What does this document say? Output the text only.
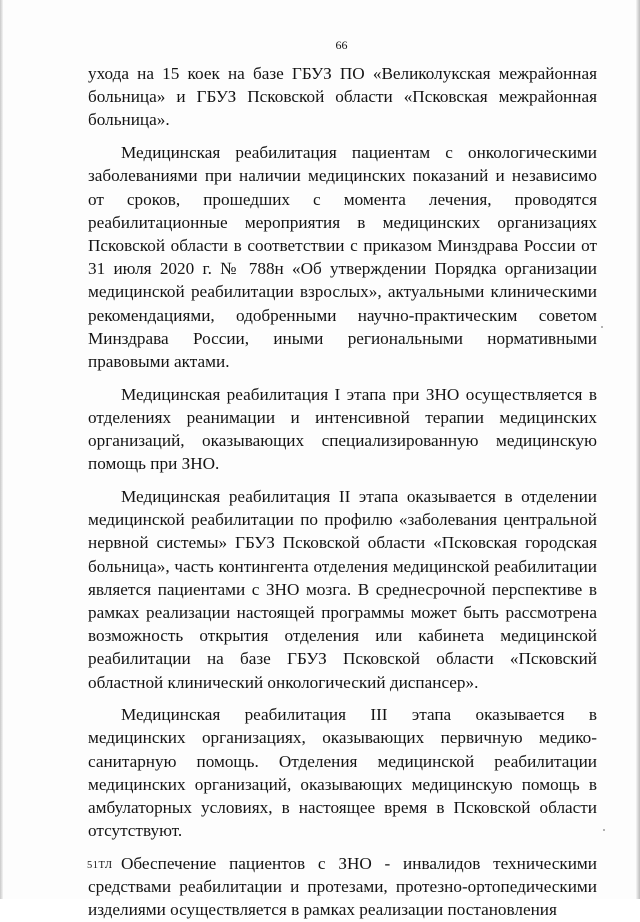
66

ухода на 15 коек на базе ГБУЗ ПО «Великолукская межрайонная больница» и ГБУЗ Псковской области «Псковская межрайонная больница».

Медицинская реабилитация пациентам с онкологическими заболеваниями при наличии медицинских показаний и независимо от сроков, прошедших с момента лечения, проводятся реабилитационные мероприятия в медицинских организациях Псковской области в соответствии с приказом Минздрава России от 31 июля 2020 г. № 788н «Об утверждении Порядка организации медицинской реабилитации взрослых», актуальными клиническими рекомендациями, одобренными научно-практическим советом Минздрава России, иными региональными нормативными правовыми актами.

Медицинская реабилитация I этапа при ЗНО осуществляется в отделениях реанимации и интенсивной терапии медицинских организаций, оказывающих специализированную медицинскую помощь при ЗНО.

Медицинская реабилитация II этапа оказывается в отделении медицинской реабилитации по профилю «заболевания центральной нервной системы» ГБУЗ Псковской области «Псковская городская больница», часть контингента отделения медицинской реабилитации является пациентами с ЗНО мозга. В среднесрочной перспективе в рамках реализации настоящей программы может быть рассмотрена возможность открытия отделения или кабинета медицинской реабилитации на базе ГБУЗ Псковской области «Псковский областной клинический онкологический диспансер».

Медицинская реабилитация III этапа оказывается в медицинских организациях, оказывающих первичную медико-санитарную помощь. Отделения медицинской реабилитации медицинских организаций, оказывающих медицинскую помощь в амбулаторных условиях, в настоящее время в Псковской области отсутствуют.

Обеспечение пациентов с ЗНО - инвалидов техническими средствами реабилитации и протезами, протезно-ортопедическими изделиями осуществляется в рамках реализации постановления

51ТЛ
